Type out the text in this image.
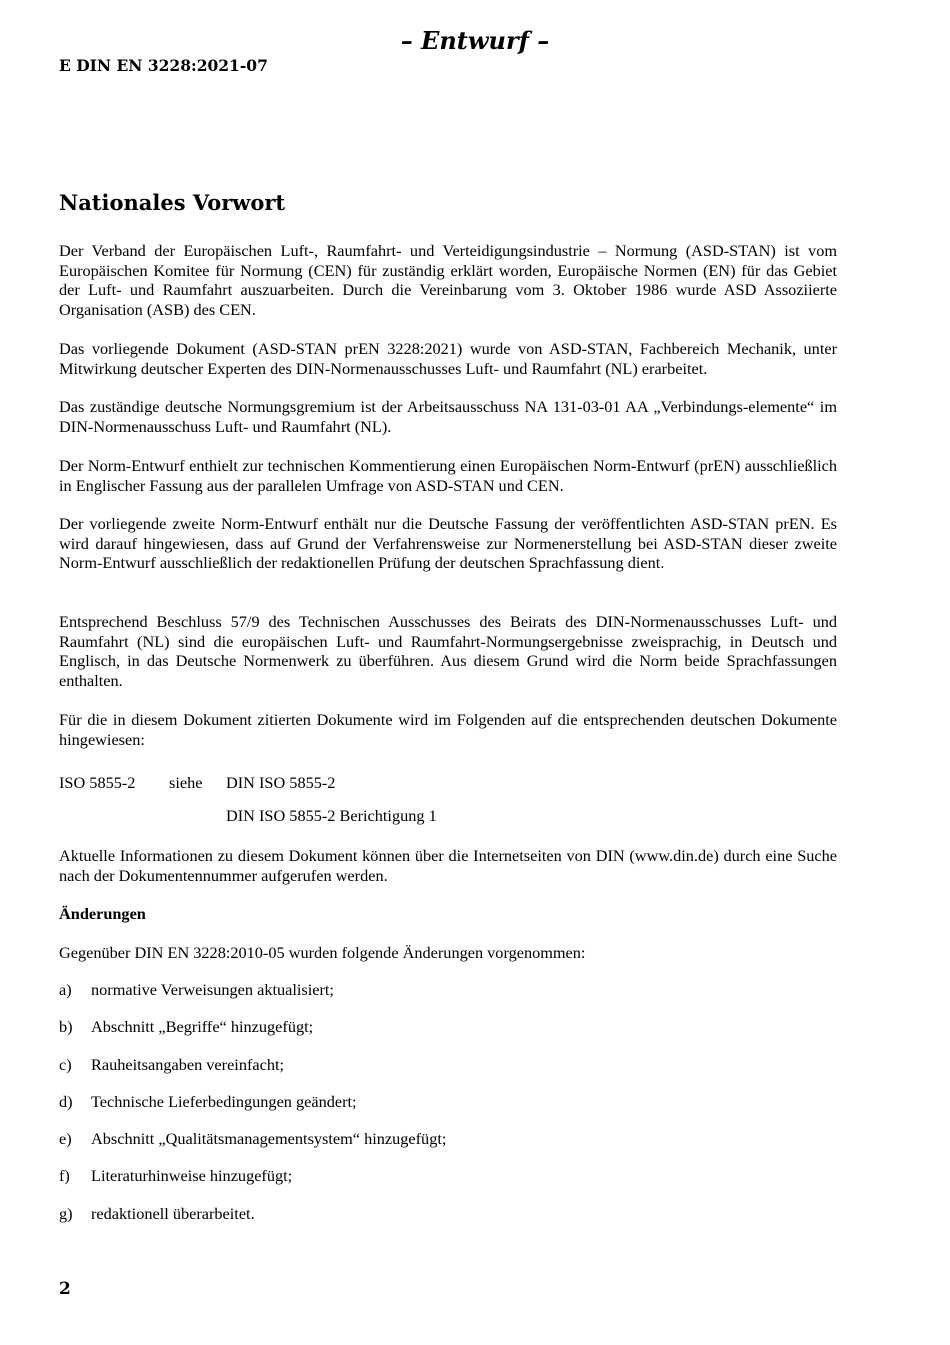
– Entwurf –
E DIN EN 3228:2021-07
Nationales Vorwort

Der Verband der Europäischen Luft-, Raumfahrt- und Verteidigungsindustrie – Normung (ASD-STAN) ist vom Europäischen Komitee für Normung (CEN) für zuständig erklärt worden, Europäische Normen (EN) für das Gebiet der Luft- und Raumfahrt auszuarbeiten. Durch die Vereinbarung vom 3. Oktober 1986 wurde ASD Assoziierte Organisation (ASB) des CEN.

Das vorliegende Dokument (ASD-STAN prEN 3228:2021) wurde von ASD-STAN, Fachbereich Mechanik, unter Mitwirkung deutscher Experten des DIN-Normenausschusses Luft- und Raumfahrt (NL) erarbeitet.

Das zuständige deutsche Normungsgremium ist der Arbeitsausschuss NA 131-03-01 AA „Verbindungs-elemente“ im DIN-Normenausschuss Luft- und Raumfahrt (NL).

Der Norm-Entwurf enthielt zur technischen Kommentierung einen Europäischen Norm-Entwurf (prEN) ausschließlich in Englischer Fassung aus der parallelen Umfrage von ASD-STAN und CEN.

Der vorliegende zweite Norm-Entwurf enthält nur die Deutsche Fassung der veröffentlichten ASD-STAN prEN. Es wird darauf hingewiesen, dass auf Grund der Verfahrensweise zur Normenerstellung bei ASD-STAN dieser zweite Norm-Entwurf ausschließlich der redaktionellen Prüfung der deutschen Sprachfassung dient.

Entsprechend Beschluss 57/9 des Technischen Ausschusses des Beirats des DIN-Normenausschusses Luft- und Raumfahrt (NL) sind die europäischen Luft- und Raumfahrt-Normungsergebnisse zweisprachig, in Deutsch und Englisch, in das Deutsche Normenwerk zu überführen. Aus diesem Grund wird die Norm beide Sprachfassungen enthalten.

Für die in diesem Dokument zitierten Dokumente wird im Folgenden auf die entsprechenden deutschen Dokumente hingewiesen:

ISO 5855-2 siehe DIN ISO 5855-2
DIN ISO 5855-2 Berichtigung 1

Aktuelle Informationen zu diesem Dokument können über die Internetseiten von DIN (www.din.de) durch eine Suche nach der Dokumentennummer aufgerufen werden.

Änderungen

Gegenüber DIN EN 3228:2010-05 wurden folgende Änderungen vorgenommen:

a) normative Verweisungen aktualisiert;
b) Abschnitt „Begriffe“ hinzugefügt;
c) Rauheitsangaben vereinfacht;
d) Technische Lieferbedingungen geändert;
e) Abschnitt „Qualitätsmanagementsystem“ hinzugefügt;
f) Literaturhinweise hinzugefügt;
g) redaktionell überarbeitet.
2
